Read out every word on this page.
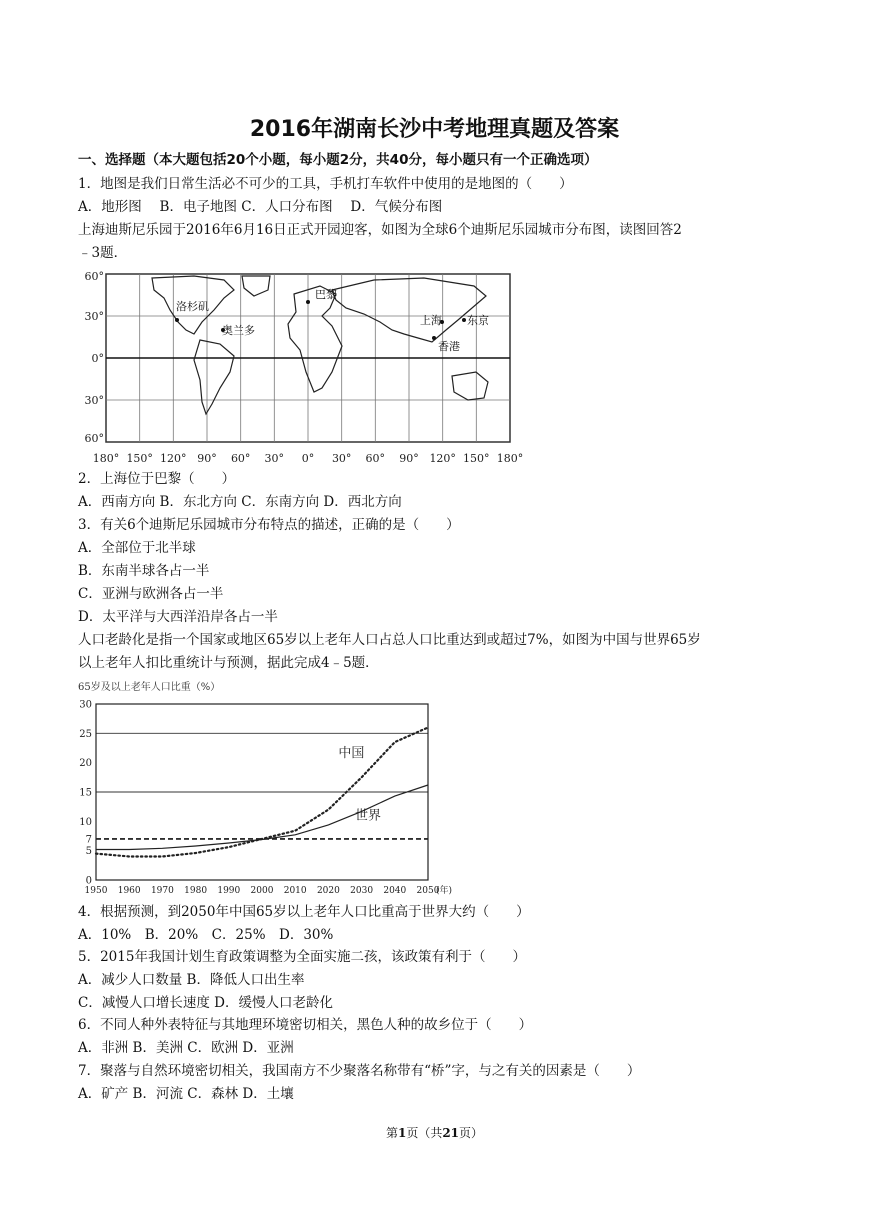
2016年湖南长沙中考地理真题及答案
一、选择题（本大题包括20个小题，每小题2分，共40分，每小题只有一个正确选项）
1．地图是我们日常生活必不可少的工具，手机打车软件中使用的是地图的（　　）
A．地形图　 B．电子地图 C．人口分布图　 D．气候分布图
上海迪斯尼乐园于2016年6月16日正式开园迎客，如图为全球6个迪斯尼乐园城市分布图，读图回答2
﹣3题．
洛杉矶
奥兰多
巴黎
上海 东京
香港
60°
30°
0°
30°
60°
180° 150° 120° 90° 60° 30° 0° 30° 60° 90° 120° 150° 180°
2．上海位于巴黎（　　）
A．西南方向 B．东北方向 C．东南方向 D．西北方向
3．有关6个迪斯尼乐园城市分布特点的描述，正确的是（　　）
A．全部位于北半球
B．东南半球各占一半
C．亚洲与欧洲各占一半
D．太平洋与大西洋沿岸各占一半
人口老龄化是指一个国家或地区65岁以上老年人口占总人口比重达到或超过7%，如图为中国与世界65岁
以上老年人扣比重统计与预测，据此完成4﹣5题．
65岁及以上老年人口比重（%）
0
5
7
10
15
20
25
30
1950 1960 1970 1980 1990 2000 2010 2020 2030 2040 2050
(年)
中国
世界
4．根据预测，到2050年中国65岁以上老年人口比重高于世界大约（　　）
A．10%　B．20%　C．25%　D．30%
5．2015年我国计划生育政策调整为全面实施二孩，该政策有利于（　　）
A．减少人口数量 B．降低人口出生率
C．减慢人口增长速度 D．缓慢人口老龄化
6．不同人种外表特征与其地理环境密切相关，黑色人种的故乡位于（　　）
A．非洲 B．美洲 C．欧洲 D．亚洲
7．聚落与自然环境密切相关，我国南方不少聚落名称带有“桥”字，与之有关的因素是（　　）
A．矿产 B．河流 C．森林 D．土壤
第1页（共21页）
